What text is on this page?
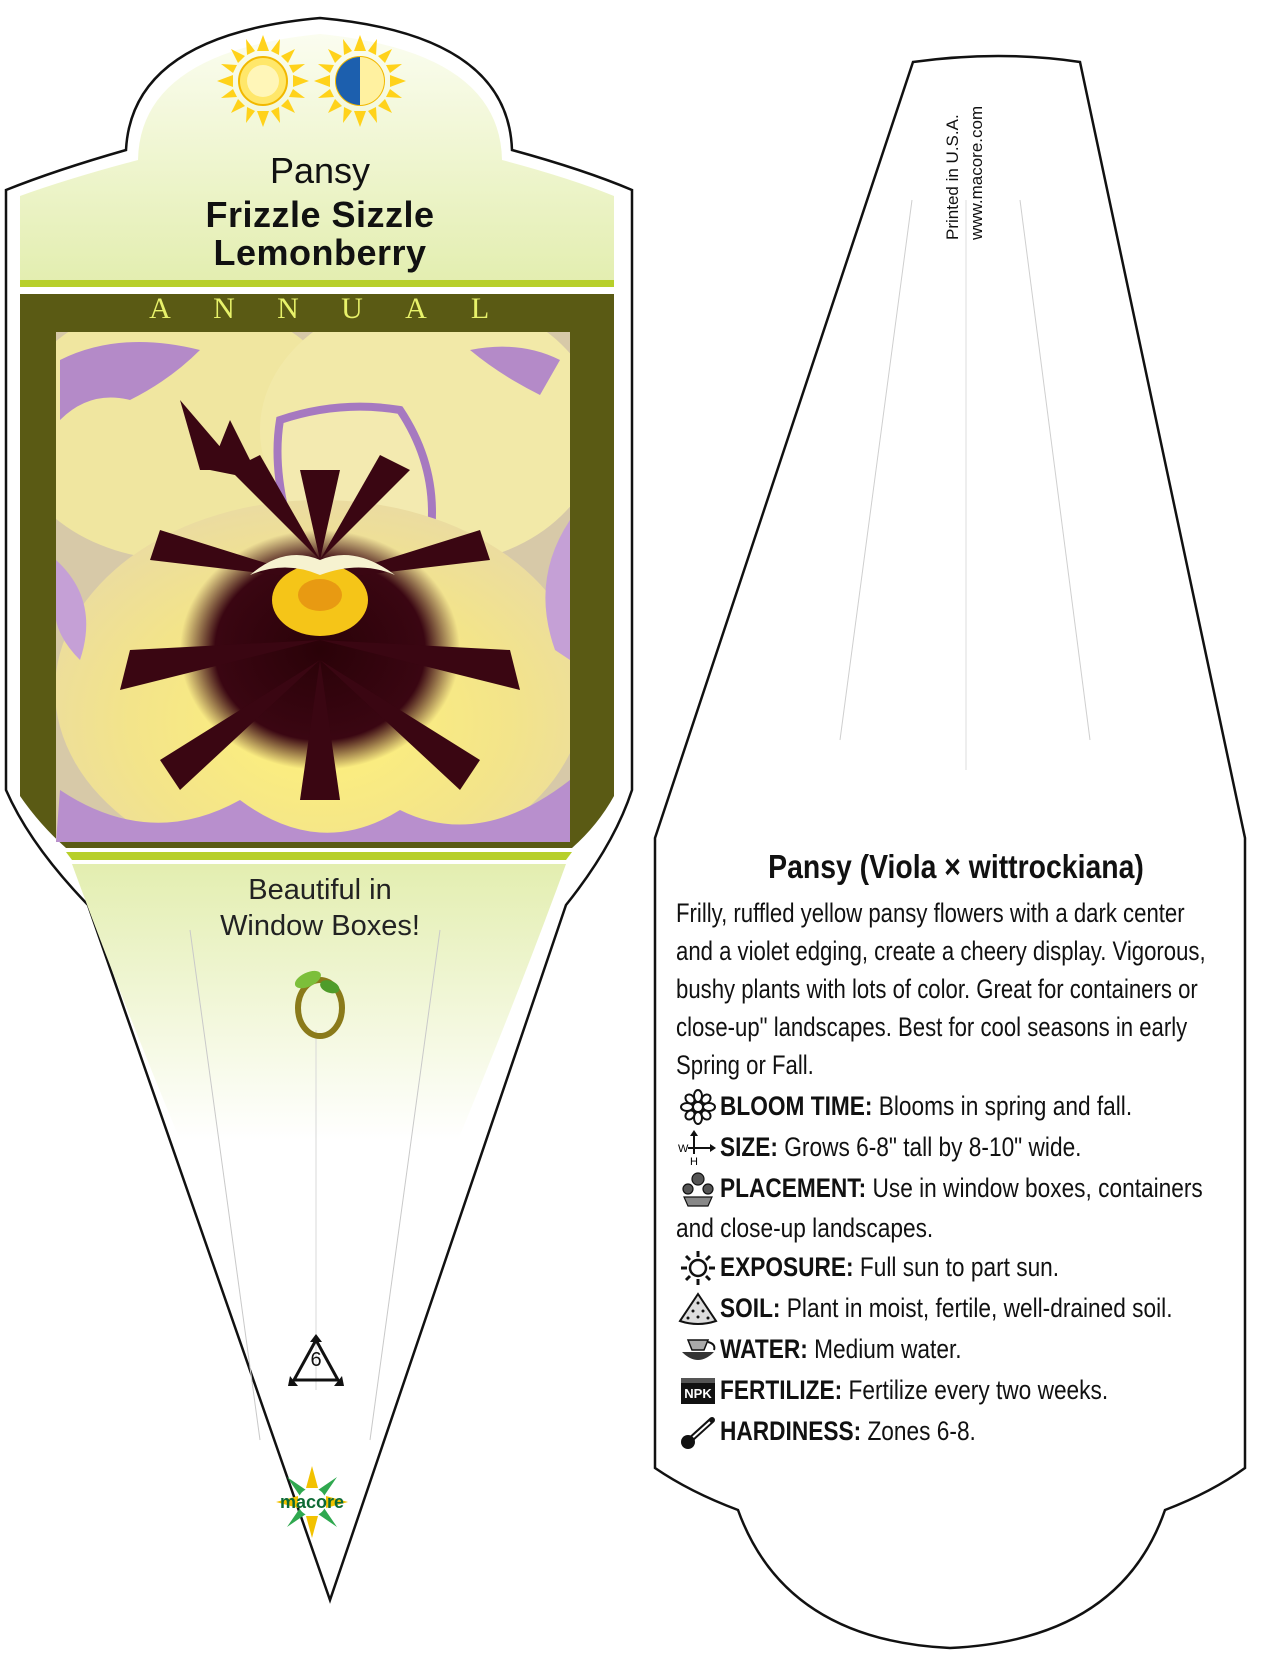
Pansy
Frizzle Sizzle
Lemonberry
A N N U A L
Beautiful in
Window Boxes!
6
macore
Printed in U.S.A. www.macore.com
Pansy (Viola × wittrockiana)
Frilly, ruffled yellow pansy flowers with a dark center
and a violet edging, create a cheery display. Vigorous,
bushy plants with lots of color. Great for containers or
close-up" landscapes. Best for cool seasons in early
Spring or Fall.
BLOOM TIME: Blooms in spring and fall.
W
H SIZE: Grows 6-8" tall by 8-10" wide.
PLACEMENT: Use in window boxes, containers
and close-up landscapes.
EXPOSURE: Full sun to part sun.
SOIL: Plant in moist, fertile, well-drained soil.
WATER: Medium water.
NPK FERTILIZE: Fertilize every two weeks.
HARDINESS: Zones 6-8.
